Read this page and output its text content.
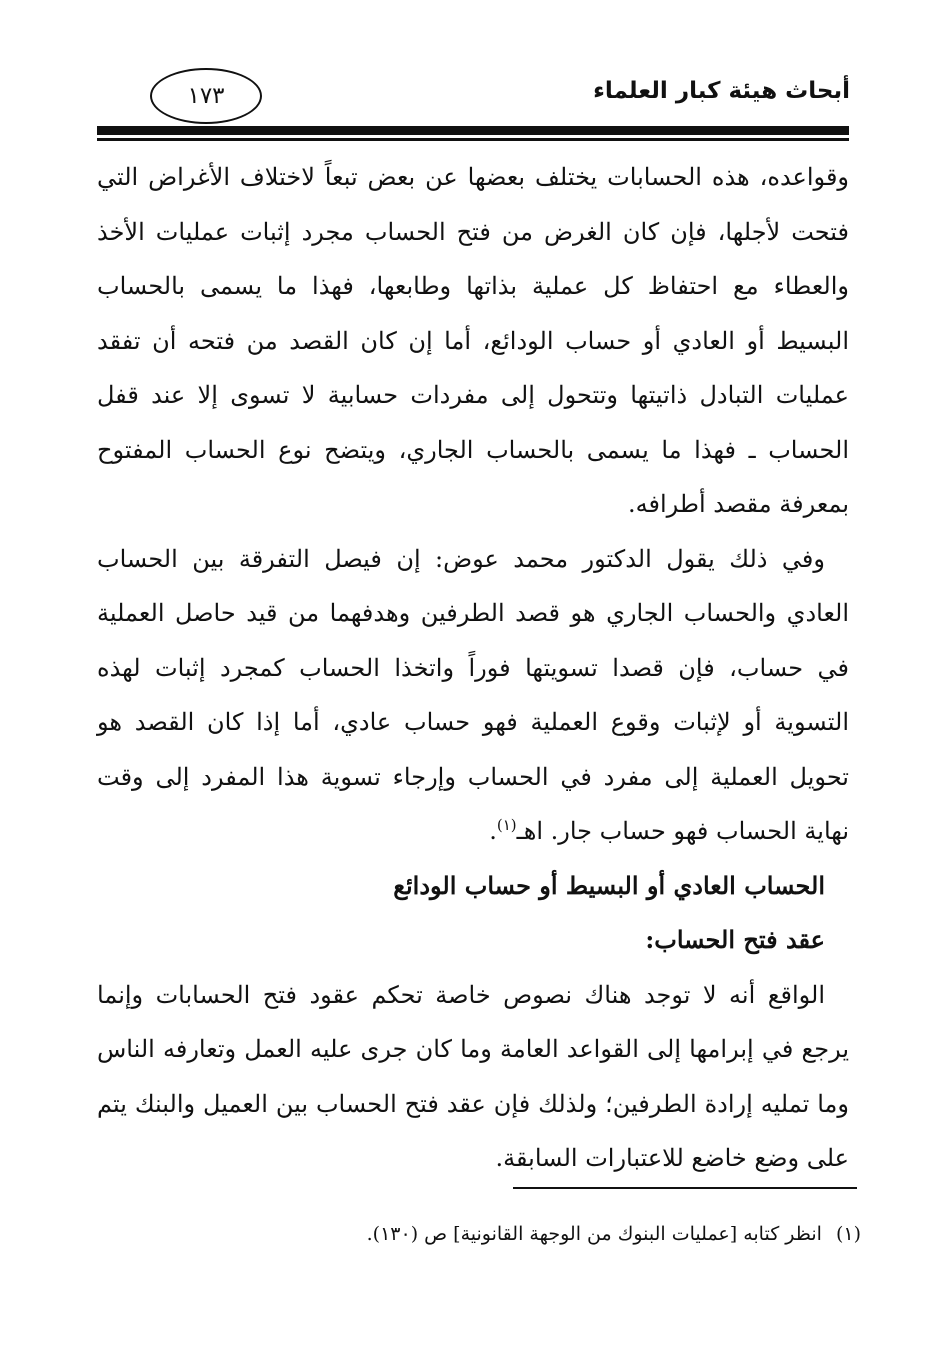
أبحاث هيئة كبار العلماء
١٧٣

وقواعده، هذه الحسابات يختلف بعضها عن بعض تبعاً لاختلاف الأغراض التي فتحت لأجلها، فإن كان الغرض من فتح الحساب مجرد إثبات عمليات الأخذ والعطاء مع احتفاظ كل عملية بذاتها وطابعها، فهذا ما يسمى بالحساب البسيط أو العادي أو حساب الودائع، أما إن كان القصد من فتحه أن تفقد عمليات التبادل ذاتيتها وتتحول إلى مفردات حسابية لا تسوى إلا عند قفل الحساب ـ فهذا ما يسمى بالحساب الجاري، ويتضح نوع الحساب المفتوح بمعرفة مقصد أطرافه.

وفي ذلك يقول الدكتور محمد عوض: إن فيصل التفرقة بين الحساب العادي والحساب الجاري هو قصد الطرفين وهدفهما من قيد حاصل العملية في حساب، فإن قصدا تسويتها فوراً واتخذا الحساب كمجرد إثبات لهذه التسوية أو لإثبات وقوع العملية فهو حساب عادي، أما إذا كان القصد هو تحويل العملية إلى مفرد في الحساب وإرجاء تسوية هذا المفرد إلى وقت نهاية الحساب فهو حساب جار. اهـ$^{(١)}$.

الحساب العادي أو البسيط أو حساب الودائع

عقد فتح الحساب:

الواقع أنه لا توجد هناك نصوص خاصة تحكم عقود فتح الحسابات وإنما يرجع في إبرامها إلى القواعد العامة وما كان جرى عليه العمل وتعارفه الناس وما تمليه إرادة الطرفين؛ ولذلك فإن عقد فتح الحساب بين العميل والبنك يتم على وضع خاضع للاعتبارات السابقة.

(١)انظر كتابه [عمليات البنوك من الوجهة القانونية] ص (١٣٠).
